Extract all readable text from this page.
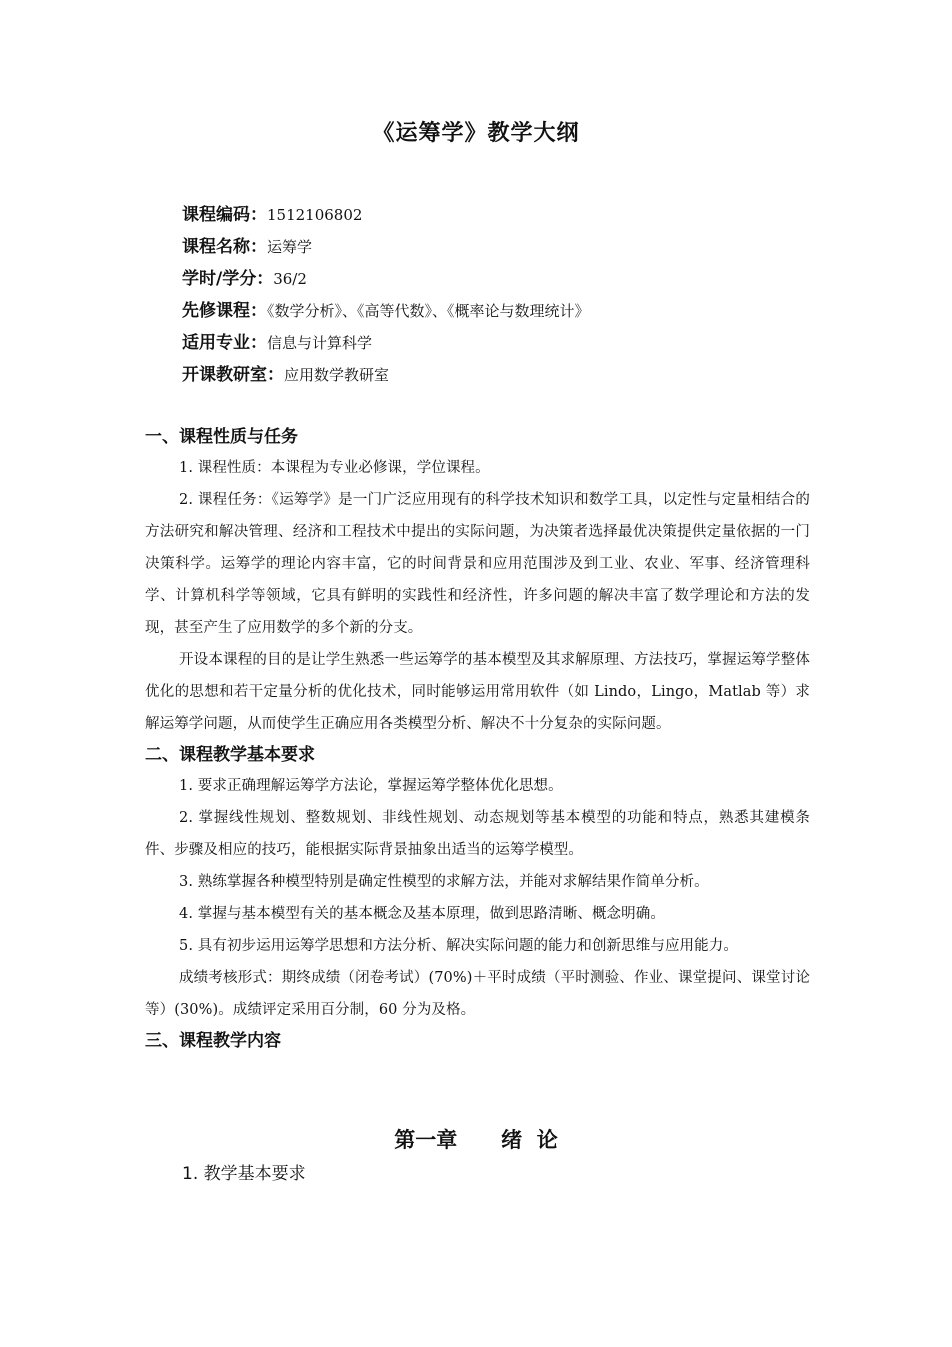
《运筹学》教学大纲
课程编码：1512106802
课程名称：运筹学
学时/学分：36/2
先修课程：《数学分析》、《高等代数》、《概率论与数理统计》
适用专业：信息与计算科学
开课教研室：应用数学教研室
一、课程性质与任务

1. 课程性质：本课程为专业必修课，学位课程。

2. 课程任务：《运筹学》是一门广泛应用现有的科学技术知识和数学工具，以定性与定量相结合的方法研究和解决管理、经济和工程技术中提出的实际问题，为决策者选择最优决策提供定量依据的一门决策科学。运筹学的理论内容丰富，它的时间背景和应用范围涉及到工业、农业、军事、经济管理科学、计算机科学等领域，它具有鲜明的实践性和经济性，许多问题的解决丰富了数学理论和方法的发现，甚至产生了应用数学的多个新的分支。

开设本课程的目的是让学生熟悉一些运筹学的基本模型及其求解原理、方法技巧，掌握运筹学整体优化的思想和若干定量分析的优化技术，同时能够运用常用软件（如 Lindo，Lingo，Matlab 等）求解运筹学问题，从而使学生正确应用各类模型分析、解决不十分复杂的实际问题。

二、课程教学基本要求

1. 要求正确理解运筹学方法论，掌握运筹学整体优化思想。

2. 掌握线性规划、整数规划、非线性规划、动态规划等基本模型的功能和特点，熟悉其建模条件、步骤及相应的技巧，能根据实际背景抽象出适当的运筹学模型。

3. 熟练掌握各种模型特别是确定性模型的求解方法，并能对求解结果作简单分析。

4. 掌握与基本模型有关的基本概念及基本原理，做到思路清晰、概念明确。

5. 具有初步运用运筹学思想和方法分析、解决实际问题的能力和创新思维与应用能力。

成绩考核形式：期终成绩（闭卷考试）(70%)＋平时成绩（平时测验、作业、课堂提问、课堂讨论等）(30%)。成绩评定采用百分制，60 分为及格。

三、课程教学内容
第一章      绪  论
1. 教学基本要求
